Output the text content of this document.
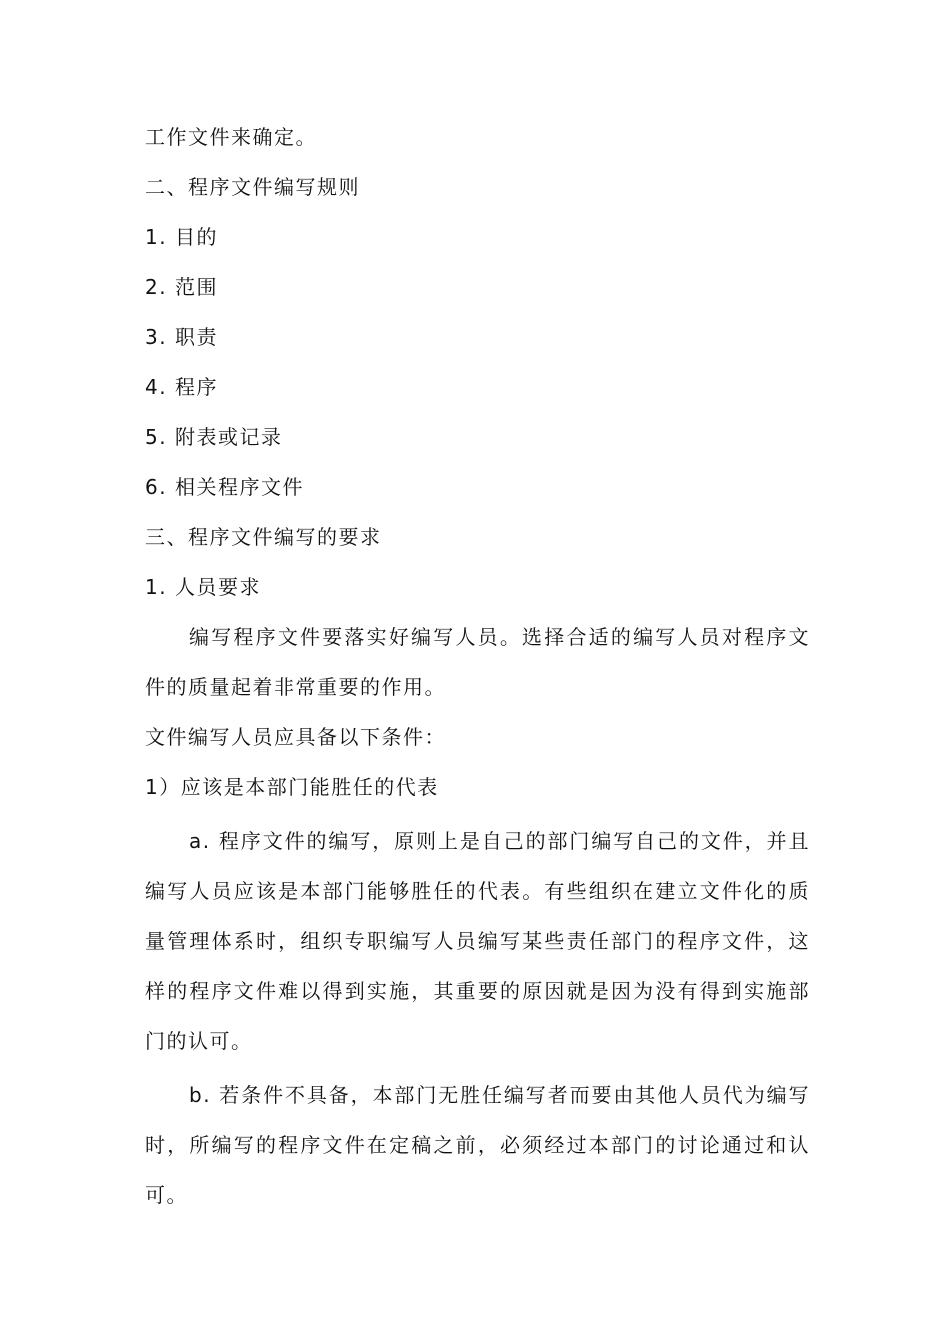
工作文件来确定。

二、程序文件编写规则

1. 目的

2. 范围

3. 职责

4. 程序

5. 附表或记录

6. 相关程序文件

三、程序文件编写的要求

1. 人员要求

编写程序文件要落实好编写人员。选择合适的编写人员对程序文件的质量起着非常重要的作用。

文件编写人员应具备以下条件：

1）应该是本部门能胜任的代表

a. 程序文件的编写，原则上是自己的部门编写自己的文件，并且编写人员应该是本部门能够胜任的代表。有些组织在建立文件化的质量管理体系时，组织专职编写人员编写某些责任部门的程序文件，这样的程序文件难以得到实施，其重要的原因就是因为没有得到实施部门的认可。

b. 若条件不具备，本部门无胜任编写者而要由其他人员代为编写时，所编写的程序文件在定稿之前，必须经过本部门的讨论通过和认可。
